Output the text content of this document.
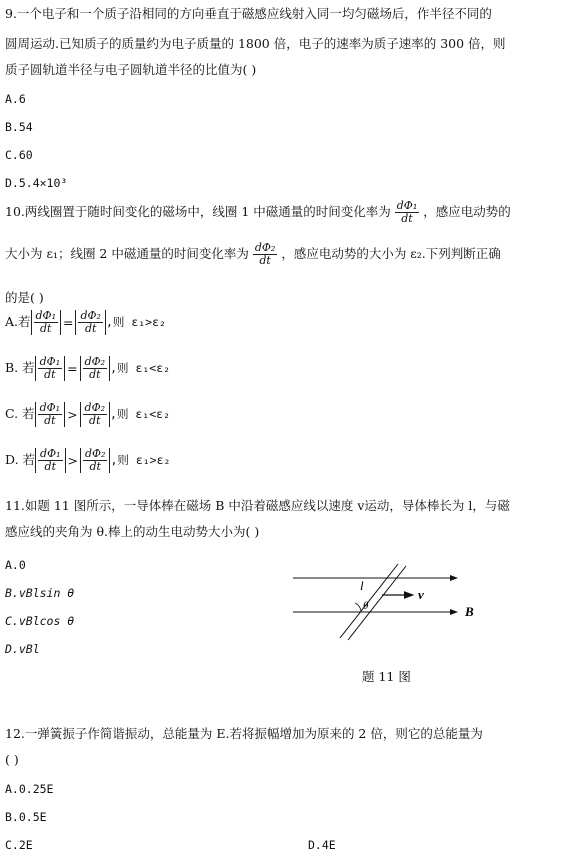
9.一个电子和一个质子沿相同的方向垂直于磁感应线射入同一均匀磁场后，作半径不同的
圆周运动.已知质子的质量约为电子质量的 1800 倍，电子的速率为质子速率的 300 倍，则
质子圆轨道半径与电子圆轨道半径的比值为( )
A.6
B.54
C.60
D.5.4×10³
10.两线圈置于随时间变化的磁场中，线圈 1 中磁通量的时间变化率为 $\frac{\text{dΦ₁}}{dt}$ ，感应电动势的
大小为 ε₁；线圈 2 中磁通量的时间变化率为 $\frac{\text{dΦ₂}}{dt}$ ，感应电动势的大小为 ε₂.下列判断正确
的是( )
A.若 $\frac{\text{dΦ₁}}{dt} = \frac{\text{dΦ₂}}{dt}$ ,则 ε₁>ε₂
B. 若 $\frac{\text{dΦ₁}}{dt} = \frac{\text{dΦ₂}}{dt}$ ,则 ε₁<ε₂
C. 若 $\frac{\text{dΦ₁}}{dt} > \frac{\text{dΦ₂}}{dt}$ ,则 ε₁<ε₂
D. 若 $\frac{\text{dΦ₁}}{dt} > \frac{\text{dΦ₂}}{dt}$ ,则 ε₁>ε₂
11.如题 11 图所示，一导体棒在磁场 B 中沿着磁感应线以速度 v运动，导体棒长为 l，与磁
感应线的夹角为 θ.棒上的动生电动势大小为( )
A.0
B.vBlsin θ
C.vBlcos θ
D.vBl
l
v
B
θ
题 11 图
12.一弹簧振子作简谐振动，总能量为 E.若将振幅增加为原来的 2 倍，则它的总能量为
( )
A.0.25E
B.0.5E
C.2E	D.4E
